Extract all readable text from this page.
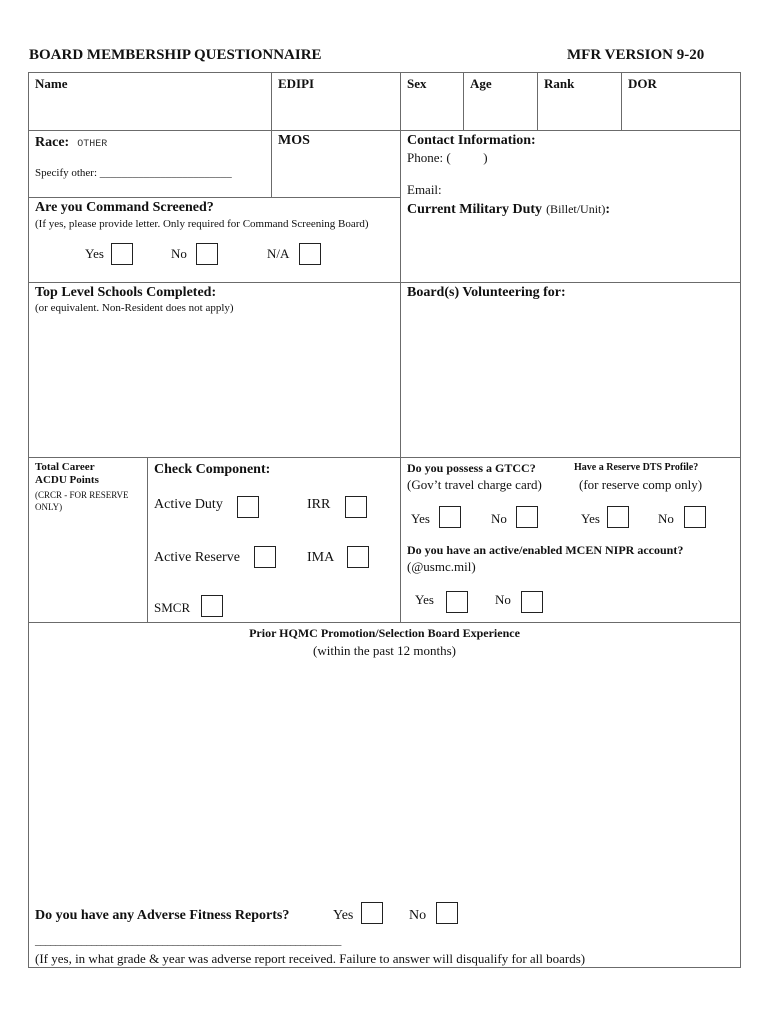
BOARD MEMBERSHIP QUESTIONNAIRE	MFR VERSION 9-20
Name	EDIPI	Sex	Age	Rank	DOR
Race: OTHER
Specify other: ________________________
MOS	Contact Information:
Phone: (          )
Email:
Are you Command Screened?
(If yes, please provide letter. Only required for Command Screening Board)
Yes	No	N/A
Current Military Duty (Billet/Unit):
Top Level Schools Completed:
(or equivalent. Non-Resident does not apply)
Board(s) Volunteering for:
Total Career
ACDU Points
(CRCR - FOR RESERVE ONLY)
Check Component:
Active Duty	IRR
Active Reserve	IMA
SMCR
Do you possess a GTCC?
(Gov’t travel charge card)
Yes	No
Have a Reserve DTS Profile?
(for reserve comp only)
Yes	No
Do you have an active/enabled MCEN NIPR account?
(@usmc.mil)
Yes	No
Prior HQMC Promotion/Selection Board Experience
(within the past 12 months)
Do you have any Adverse Fitness Reports?	Yes	No
____________________________________________________________
(If yes, in what grade & year was adverse report received. Failure to answer will disqualify for all boards)
